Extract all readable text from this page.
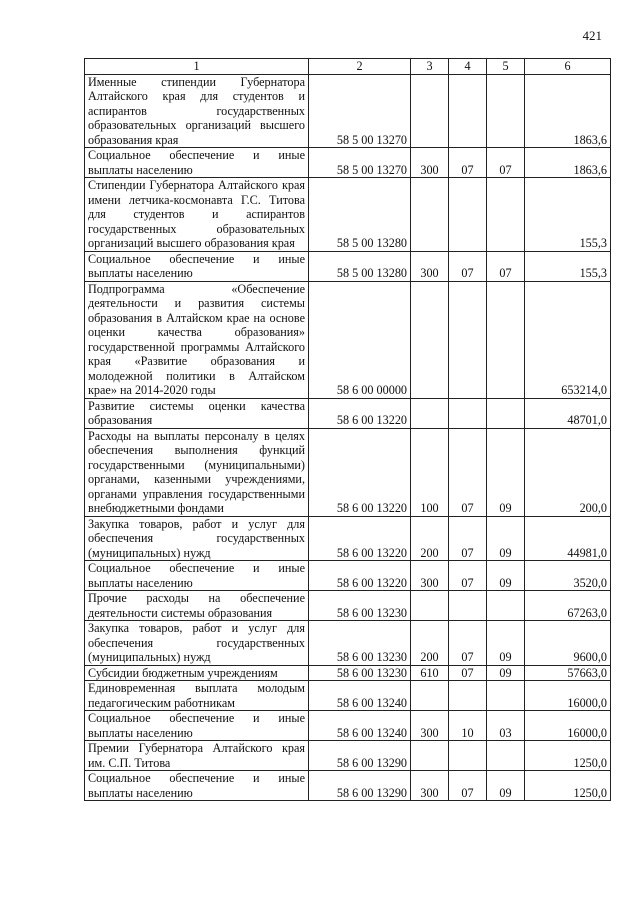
421
1	2	3	4	5	6
Именные стипендии Губернатора Алтайского края для студентов и аспирантов государственных образовательных организаций высшего образования края	58 5 00 13270				1863,6
Социальное обеспечение и иные выплаты населению	58 5 00 13270	300	07	07	1863,6
Стипендии Губернатора Алтайского края имени летчика-космонавта Г.С. Титова для студентов и аспирантов государственных образовательных организаций высшего образования края	58 5 00 13280				155,3
Социальное обеспечение и иные выплаты населению	58 5 00 13280	300	07	07	155,3
Подпрограмма «Обеспечение деятельности и развития системы образования в Алтайском крае на основе оценки качества образования» государственной программы Алтайского края «Развитие образования и молодежной политики в Алтайском крае» на 2014-2020 годы	58 6 00 00000				653214,0
Развитие системы оценки качества образования	58 6 00 13220				48701,0
Расходы на выплаты персоналу в целях обеспечения выполнения функций государственными (муниципальными) органами, казенными учреждениями, органами управления государственными внебюджетными фондами	58 6 00 13220	100	07	09	200,0
Закупка товаров, работ и услуг для обеспечения государственных (муниципальных) нужд	58 6 00 13220	200	07	09	44981,0
Социальное обеспечение и иные выплаты населению	58 6 00 13220	300	07	09	3520,0
Прочие расходы на обеспечение деятельности системы образования	58 6 00 13230				67263,0
Закупка товаров, работ и услуг для обеспечения государственных (муниципальных) нужд	58 6 00 13230	200	07	09	9600,0
Субсидии бюджетным учреждениям	58 6 00 13230	610	07	09	57663,0
Единовременная выплата молодым педагогическим работникам	58 6 00 13240				16000,0
Социальное обеспечение и иные выплаты населению	58 6 00 13240	300	10	03	16000,0
Премии Губернатора Алтайского края им. С.П. Титова	58 6 00 13290				1250,0
Социальное обеспечение и иные выплаты населению	58 6 00 13290	300	07	09	1250,0
